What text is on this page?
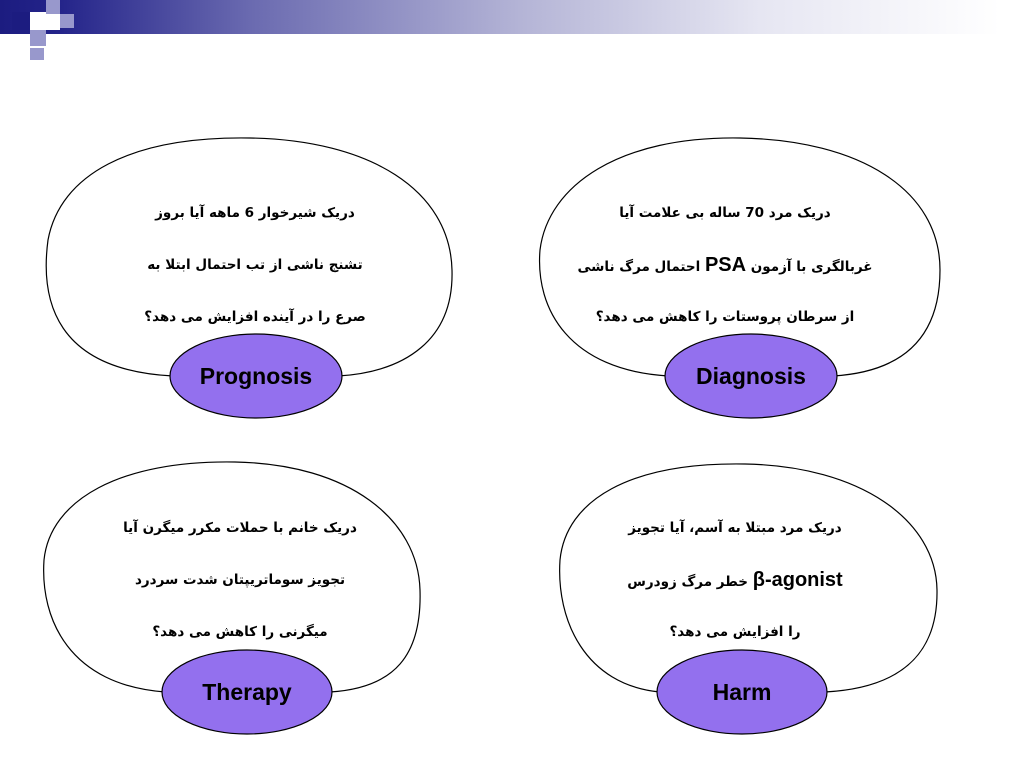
دریک شیرخوار 6 ماهه آیا بروز
تشنج ناشی از تب احتمال ابتلا به
صرع را در آینده افزایش می دهد؟
Prognosis
دریک مرد 70 ساله بی علامت آیا
غربالگری با آزمون PSA احتمال مرگ ناشی
از سرطان پروستات را کاهش می دهد؟
Diagnosis
دریک خانم با حملات مکرر میگرن آیا
تجویز سوماتریپتان شدت سردرد
میگرنی را کاهش می دهد؟
Therapy
دریک مرد مبتلا به آسم، آیا تجویز
β-agonist خطر مرگ زودرس
را افزایش می دهد؟
Harm
